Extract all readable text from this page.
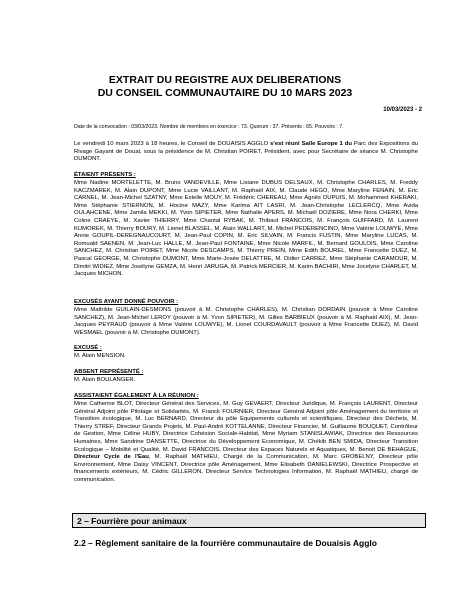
EXTRAIT DU REGISTRE AUX DELIBERATIONS
DU CONSEIL COMMUNAUTAIRE DU 10 MARS 2023
10/03/2023 - 2
Date de la convocation : 03/03/2023. Nombre de membres en exercice : 73. Quorum : 37. Présents : 65. Pouvoirs : 7.
Le vendredi 10 mars 2023 à 18 heures, le Conseil de DOUAISIS AGGLO s'est réuni Salle Europe 1 du Parc des Expositions du Rivage Gayant de Douai, sous la présidence de M. Christian POIRET, Président, avec pour Secrétaire de séance M. Christophe DUMONT.
ÉTAIENT PRÉSENTS :
Mme Nadine MORTELETTE, M. Bruno VANDEVILLE, Mme Lisiane DUBUS DELSAUX, M. Christophe CHARLES, M. Freddy KACZMAREK, M. Alain DUPONT, Mme Lucie VAILLANT, M. Raphaël AIX, M. Claude HEGO, Mme Maryline FENAIN, M. Eric CARNEL, M. Jean-Michel SZATNY, Mme Estelle MOUY, M. Frédéric CHEREAU, Mme Agnès DUPUIS, M. Mohammed KHERAKI, Mme Stéphanie STIERNON, M. Hocine MAZY, Mme Karima AIT LASRI, M. Jean-Christophe LECLERCQ, Mme Avida OULAHCENE, Mme Jamila MEKKI, M. Yvon SIPIETER, Mme Nathalie APERS, M. Michaël DOZIERE, Mme Nora CHERKI, Mme Coline CRAEYE, M. Xavier THIERRY, Mme Chantal RYBAK, M. Thibaut FRANCOIS, M. François GUIFFARD, M. Laurent KUMOREK, M. Thierry BOURY, M. Lionel BLASSEL, M. Alain WALLART, M. Michel PEDERENCINO, Mme Valérie LOUWYE, Mme Annie GOUPIL-DEREGNAUCOURT, M. Jean-Paul COPIN, M. Eric SILVAIN, M. Francis FUSTIN, Mme Maryline LUCAS, M. Romuald SAENEN, M. Jean-Luc HALLE, M. Jean-Paul FONTAINE, Mme Nicole MARFIL, M. Bernard GOULOIS, Mme Caroline SANCHEZ, M. Christian POIRET, Mme Nicole DESCAMPS, M. Thierry PREIN, Mme Edith BOUREL, Mme Francette DUEZ, M. Pascal GEORGE, M. Christophe DUMONT, Mme Marie-Josée DELATTRE, M. Didier CARREZ, Mme Stéphanie CARAMOUR, M. Dimitri WIDIEZ, Mme Josélyne GEMZA, M. Henri JARUGA, M. Patrick MERCIER, M. Karim BACHIRI, Mme Jocelyne CHARLET, M. Jacques MICHON.
EXCUSÉS AYANT DONNÉ POUVOIR :
Mme Mathilde GUILAIN-DESMONS (pouvoir à M. Christophe CHARLES), M. Christian DORDAIN (pouvoir à Mme Caroline SANCHEZ), M. Jean-Michel LEROY (pouvoir à M. Yvon SIPIETER), M. Gilles BARBIEUX (pouvoir à M. Raphaël AIX), M. Jean-Jacques PEYRAUD (pouvoir à Mme Valérie LOUWYE), M. Lionel COURDAVAULT (pouvoir à Mme Francette DUEZ), M. David WESMAEL (pouvoir à M. Christophe DUMONT).
EXCUSÉ :
M. Alain MENSION.
ABSENT REPRÉSENTÉ :
M. Alain BOULANGER.
ASSISTAIENT ÉGALEMENT À LA RÉUNION :
Mme Catherine BLOT, Directeur Général des Services, M. Guy GEVAERT, Directeur Juridique, M. François LAURENT, Directeur Général Adjoint pôle Pilotage et Solidarités, M. Franck FOURNIER, Directeur Général Adjoint pôle Aménagement du territoire et Transition écologique, M. Luc BERNARD, Directeur du pôle Equipements culturels et scientifiques, Directeur des Déchets, M. Thierry STREF, Directeur Grands Projets, M. Paul-André KOTTELANNE, Directeur Financier, M. Guillaume BOUQUET, Contrôleur de Gestion, Mme Céline HUBY, Directrice Cohésion Sociale-Habitat, Mme Myriam STANISLAWIAK, Directrice des Ressources Humaines, Mme Sandrine DANSETTE, Directrice du Développement Economique, M. Chékib BEN SMIDA, Directeur Transition Ecologique – Mobilité et Qualité, M. David FRANCOIS, Directeur des Espaces Naturels et Aquatiques, M. Benoit DE BEHAGUE, Directeur Cycle de l'Eau, M. Raphaël MATHIEU, Chargé de la Communication, M. Marc GROBELNY, Directeur pôle Environnement, Mme Daisy VINCENT, Directrice pôle Aménagement, Mme Elisabeth DANIELEWSKI, Directrice Prospective et financements extérieurs, M. Cédric GILLERON, Directeur Service Technologies Information, M. Raphaël MATHIEU, chargé de communication.
2 – Fourrière pour animaux
2.2 – Règlement sanitaire de la fourrière communautaire de Douaisis Agglo
